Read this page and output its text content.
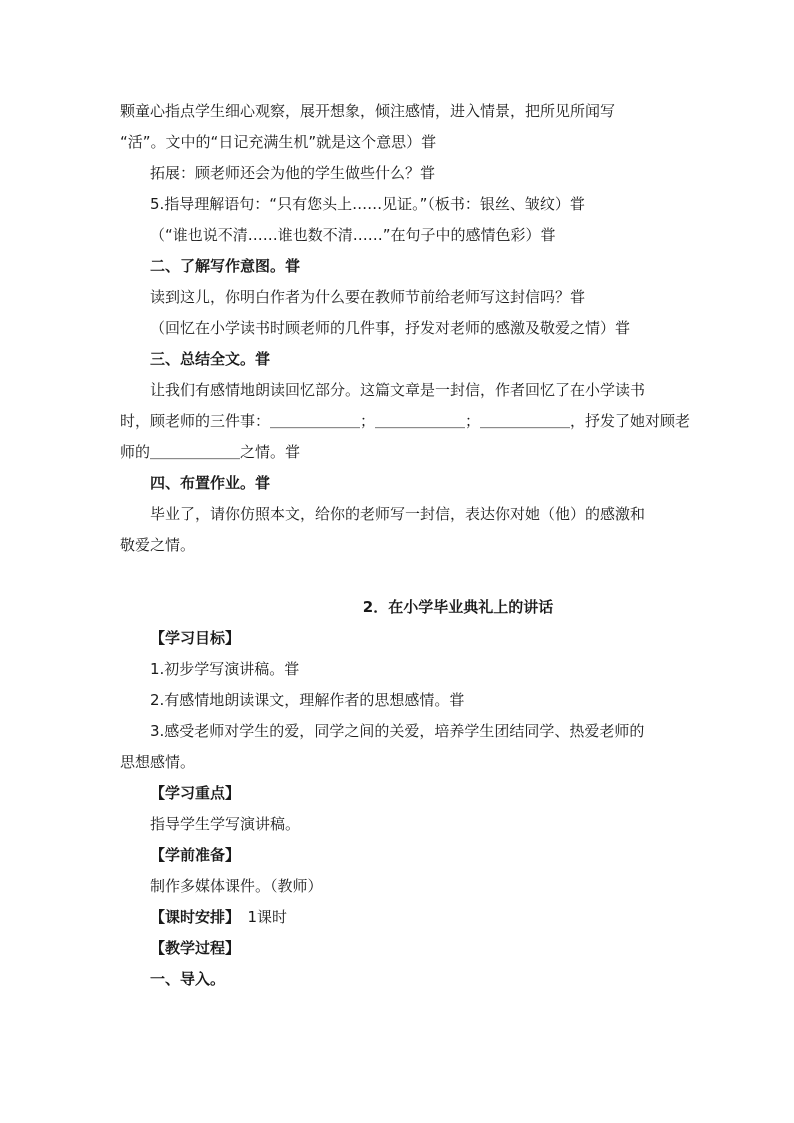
颗童心指点学生细心观察，展开想象，倾注感情，进入情景，把所见所闻写

“活”。文中的“日记充满生机”就是这个意思）甞

拓展：顾老师还会为他的学生做些什么？甞

5.指导理解语句：“只有您头上……见证。”（板书：银丝、皱纹）甞

（“谁也说不清……谁也数不清……”在句子中的感情色彩）甞

二、了解写作意图。甞

读到这儿，你明白作者为什么要在教师节前给老师写这封信吗？甞

（回忆在小学读书时顾老师的几件事，抒发对老师的感激及敬爱之情）甞

三、总结全文。甞

让我们有感情地朗读回忆部分。这篇文章是一封信，作者回忆了在小学读书

时，顾老师的三件事：＿＿＿＿＿＿；＿＿＿＿＿＿；＿＿＿＿＿＿，抒发了她对顾老

师的＿＿＿＿＿＿之情。甞

四、布置作业。甞

毕业了，请你仿照本文，给你的老师写一封信，表达你对她（他）的感激和

敬爱之情。

2．在小学毕业典礼上的讲话

【学习目标】

1.初步学写演讲稿。甞

2.有感情地朗读课文，理解作者的思想感情。甞

3.感受老师对学生的爱，同学之间的关爱，培养学生团结同学、热爱老师的

思想感情。

【学习重点】

指导学生学写演讲稿。

【学前准备】

制作多媒体课件。（教师）

【课时安排】　1课时

【教学过程】

一、导入。
